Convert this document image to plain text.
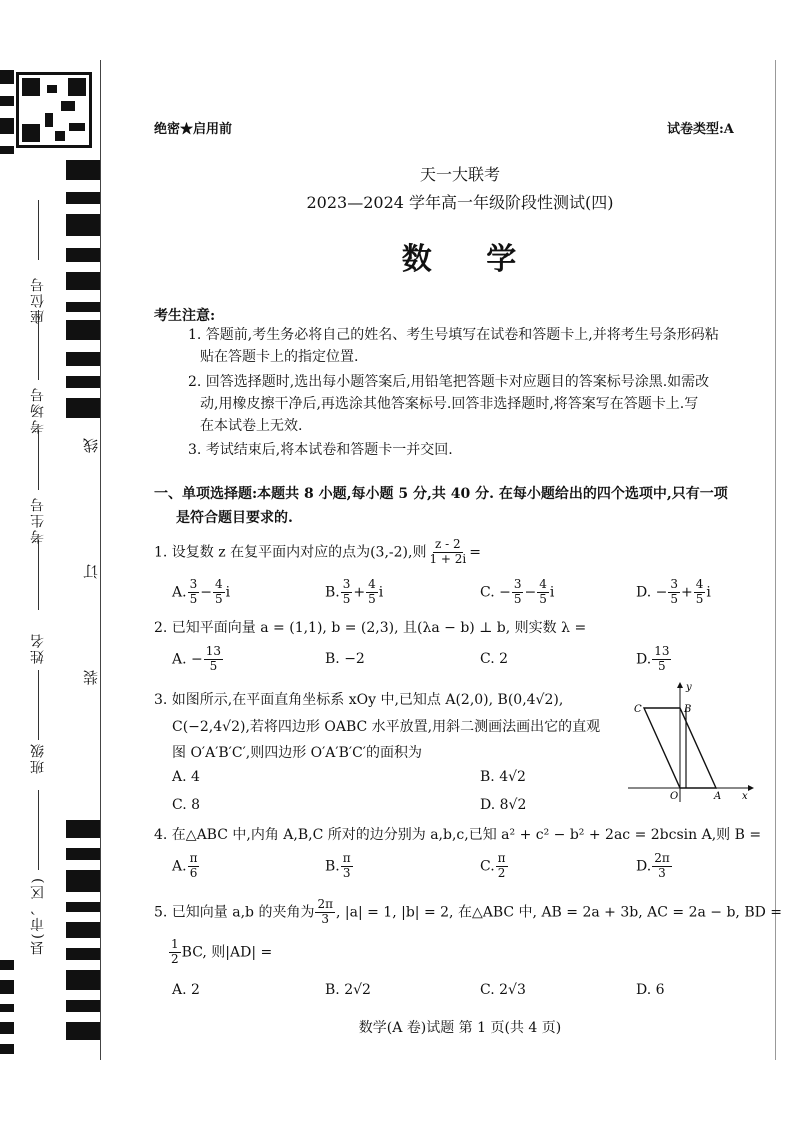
座位号
考场号
考生号
姓名
班级
县(市、区)
线
订
装
绝密★启用前	试卷类型:A
天一大联考
2023—2024 学年高一年级阶段性测试(四)
数 学
考生注意:
1. 答题前,考生务必将自己的姓名、考生号填写在试卷和答题卡上,并将考生号条形码粘
贴在答题卡上的指定位置.
2. 回答选择题时,选出每小题答案后,用铅笔把答题卡对应题目的答案标号涂黑.如需改
动,用橡皮擦干净后,再选涂其他答案标号.回答非选择题时,将答案写在答题卡上.写
在本试卷上无效.
3. 考试结束后,将本试卷和答题卡一并交回.
一、单项选择题:本题共 8 小题,每小题 5 分,共 40 分. 在每小题给出的四个选项中,只有一项
是符合题目要求的.
1. 设复数 z 在复平面内对应的点为(3,-2),则 $\frac{z - 2}{1 + 2i}$ =
A. $\frac{3}{5} - \frac{4}{5}$ i	B. $\frac{3}{5} + \frac{4}{5}$ i	C. − $\frac{3}{5} - \frac{4}{5}$ i	D. − $\frac{3}{5} + \frac{4}{5}$ i
2. 已知平面向量 a = (1,1), b = (2,3), 且(λa − b) ⊥ b, 则实数 λ =
A. − $\frac{13}{5}$	B. −2	C. 2	D. $\frac{13}{5}$
3. 如图所示,在平面直角坐标系 xOy 中,已知点 A(2,0), B(0,4√2),
C(−2,4√2),若将四边形 OABC 水平放置,用斜二测画法画出它的直观
图 O′A′B′C′,则四边形 O′A′B′C′的面积为
A. 4	B. 4√2
C. 8	D. 8√2
y
x
O	A
B
C
4. 在△ABC 中,内角 A,B,C 所对的边分别为 a,b,c,已知 a² + c² − b² + 2ac = 2bcsin A,则 B =
A. $\frac{\pi}{6}$	B. $\frac{\pi}{3}$	C. $\frac{\pi}{2}$	D. $\frac{2\pi}{3}$
5. 已知向量 a,b 的夹角为 $\frac{2\pi}{3}$ , |a| = 1, |b| = 2, 在△ABC 中, AB = 2a + 3b, AC = 2a − b, BD =
$\frac{1}{2}$ BC, 则|AD| =
A. 2	B. 2√2	C. 2√3	D. 6
数学(A 卷)试题 第 1 页(共 4 页)
